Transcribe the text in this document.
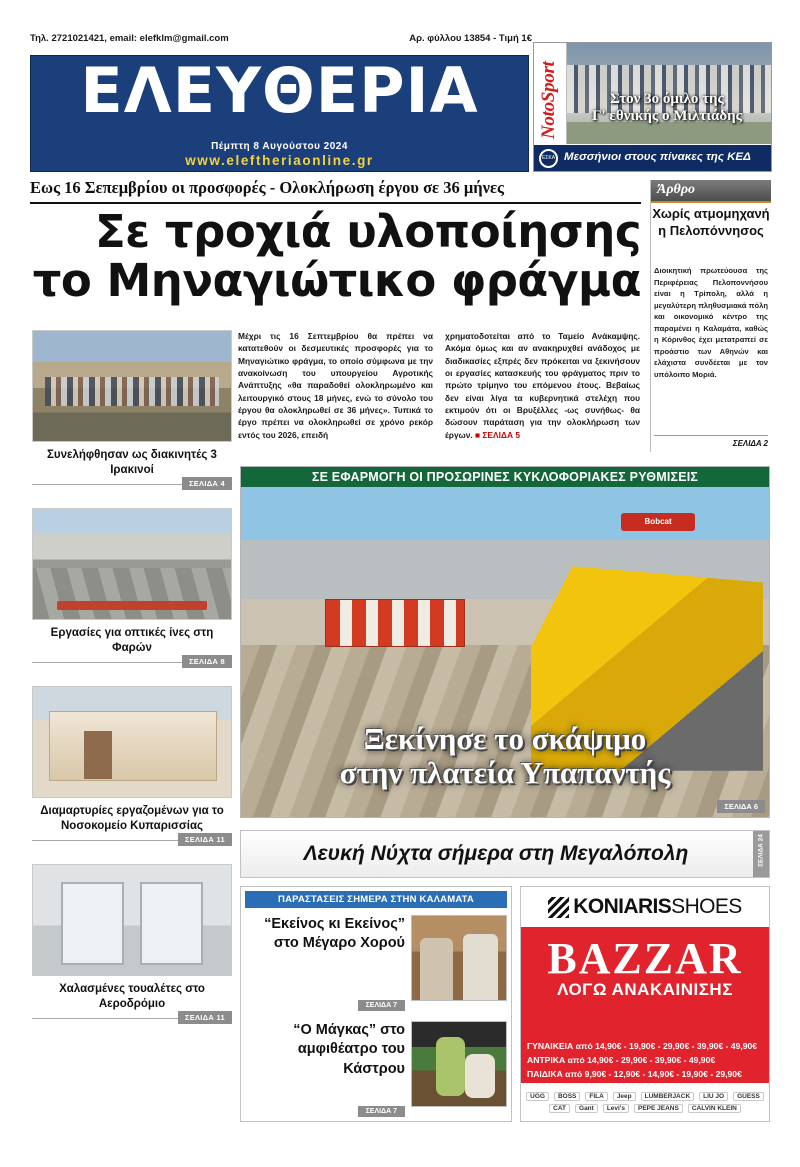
Τηλ. 2721021421, email: elefklm@gmail.com	Αρ. φύλλου 13854 - Τιμή 1€
ΕΛΕΥΘΕΡΙΑ
Πέμπτη 8 Αυγούστου 2024
www.eleftheriaonline.gr
NotoSport	Στον 3ο όμιλο της
Γ' εθνικής ο Μιλτιάδης
ΕΣΚΑ Μεσσήνιοι στους πίνακες της ΚΕΔ
Εως 16 Σεπεμβρίου οι προσφορές - Ολοκλήρωση έργου σε 36 μήνες
Σε τροχιά υλοποίησης
το Μηναγιώτικο φράγμα
Μέχρι τις 16 Σεπτεμβρίου θα πρέπει να κατατεθούν οι δεσμευτικές προσφορές για το Μηναγιώτικο φράγμα, το οποίο σύμφωνα με την ανακοίνωση του υπουργείου Αγροτικής Ανάπτυξης «θα παραδοθεί ολοκληρωμένο και λειτουργικό στους 18 μήνες, ενώ το σύνολο του έργου θα ολοκληρωθεί σε 36 μήνες». Τυπικά το έργο πρέπει να ολοκληρωθεί σε χρόνο ρεκόρ εντός του 2026, επειδή
χρηματοδοτείται από το Ταμείο Ανάκαμψης. Ακόμα όμως και αν ανακηρυχθεί ανάδοχος με διαδικασίες εξπρές δεν πρόκειται να ξεκινήσουν οι εργασίες κατασκευής του φράγματος πριν το πρώτο τρίμηνο του επόμενου έτους. Βεβαίως δεν είναι λίγα τα κυβερνητικά στελέχη που εκτιμούν ότι οι Βρυξέλλες -ως συνήθως- θα δώσουν παράταση για την ολοκλήρωση των έργων. ■ ΣΕΛΙΔΑ 5
Άρθρο
Χωρίς ατμομηχανή η Πελοπόννησος
Διοικητική πρωτεύουσα της Περιφέρειας Πελοποννήσου είναι η Τρίπολη, αλλά η μεγαλύτερη πληθυσμιακά πόλη και οικονομικό κέντρο της παραμένει η Καλαμάτα, καθώς η Κόρινθος έχει μετατραπεί σε προάστιο των Αθηνών και ελάχιστα συνδέεται με τον υπόλοιπο Μοριά.
ΣΕΛΙΔΑ 2
Συνελήφθησαν ως διακινητές 3 Ιρακινοί
ΣΕΛΙΔΑ 4
Εργασίες για οπτικές ίνες στη Φαρών
ΣΕΛΙΔΑ 8
Διαμαρτυρίες εργαζομένων για το Νοσοκομείο Κυπαρισσίας
ΣΕΛΙΔΑ 11
Χαλασμένες τουαλέτες στο Αεροδρόμιο
ΣΕΛΙΔΑ 11
ΣΕ ΕΦΑΡΜΟΓΗ ΟΙ ΠΡΟΣΩΡΙΝΕΣ ΚΥΚΛΟΦΟΡΙΑΚΕΣ ΡΥΘΜΙΣΕΙΣ
Bobcat
Ξεκίνησε το σκάψιμο
στην πλατεία Υπαπαντής
ΣΕΛΙΔΑ 6
Λευκή Νύχτα σήμερα στη Μεγαλόπολη	ΣΕΛΙΔΑ 24
ΠΑΡΑΣΤΑΣΕΙΣ ΣΗΜΕΡΑ ΣΤΗΝ ΚΑΛΑΜΑΤΑ
“Εκείνος κι Εκείνος” στο Μέγαρο Χορού
ΣΕΛΙΔΑ 7
“Ο Μάγκας” στο αμφιθέατρο του Κάστρου
ΣΕΛΙΔΑ 7
KONIARISSHOES
BAZZAR
ΛΟΓΩ ΑΝΑΚΑΙΝΙΣΗΣ
ΓΥΝΑΙΚΕΙΑ από 14,90€ - 19,90€ - 29,90€ - 39,90€ - 49,90€
ΑΝΤΡΙΚΑ από 14,90€ - 29,90€ - 39,90€ - 49,90€
ΠΑΙΔΙΚΑ από 9,90€ - 12,90€ - 14,90€ - 19,90€ - 29,90€
UGG	BOSS	FILA	Jeep	LUMBERJACK	LIU JO	GUESS
CAT	Gant	Levi's	PEPE JEANS	CALVIN KLEIN
